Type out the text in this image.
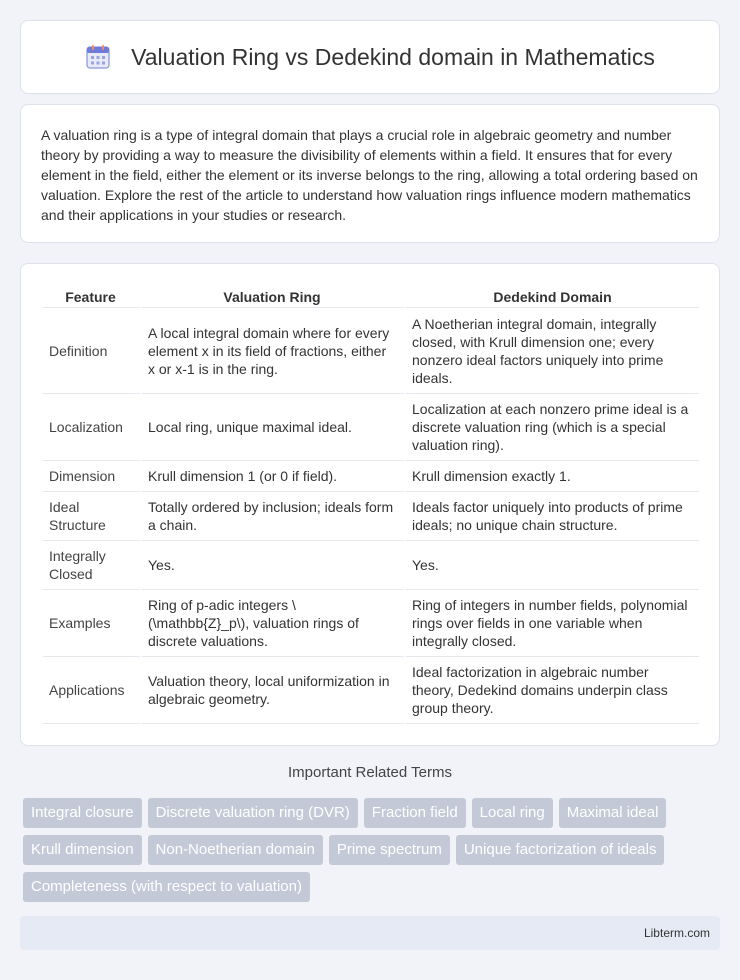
Valuation Ring vs Dedekind domain in Mathematics

A valuation ring is a type of integral domain that plays a crucial role in algebraic geometry and number theory by providing a way to measure the divisibility of elements within a field. It ensures that for every element in the field, either the element or its inverse belongs to the ring, allowing a total ordering based on valuation. Explore the rest of the article to understand how valuation rings influence modern mathematics and their applications in your studies or research.

Feature	Valuation Ring	Dedekind Domain
Definition	A local integral domain where for every element x in its field of fractions, either x or x-1 is in the ring.	A Noetherian integral domain, integrally closed, with Krull dimension one; every nonzero ideal factors uniquely into prime ideals.
Localization	Local ring, unique maximal ideal.	Localization at each nonzero prime ideal is a discrete valuation ring (which is a special valuation ring).
Dimension	Krull dimension 1 (or 0 if field).	Krull dimension exactly 1.
Ideal Structure	Totally ordered by inclusion; ideals form a chain.	Ideals factor uniquely into products of prime ideals; no unique chain structure.
Integrally Closed	Yes.	Yes.
Examples	Ring of p-adic integers \(\mathbb{Z}_p\), valuation rings of discrete valuations.	Ring of integers in number fields, polynomial rings over fields in one variable when integrally closed.
Applications	Valuation theory, local uniformization in algebraic geometry.	Ideal factorization in algebraic number theory, Dedekind domains underpin class group theory.
Important Related Terms
Integral closure Discrete valuation ring (DVR) Fraction field Local ring Maximal idealKrull dimension Non-Noetherian domain Prime spectrum Unique factorization of idealsCompleteness (with respect to valuation)
Libterm.com
